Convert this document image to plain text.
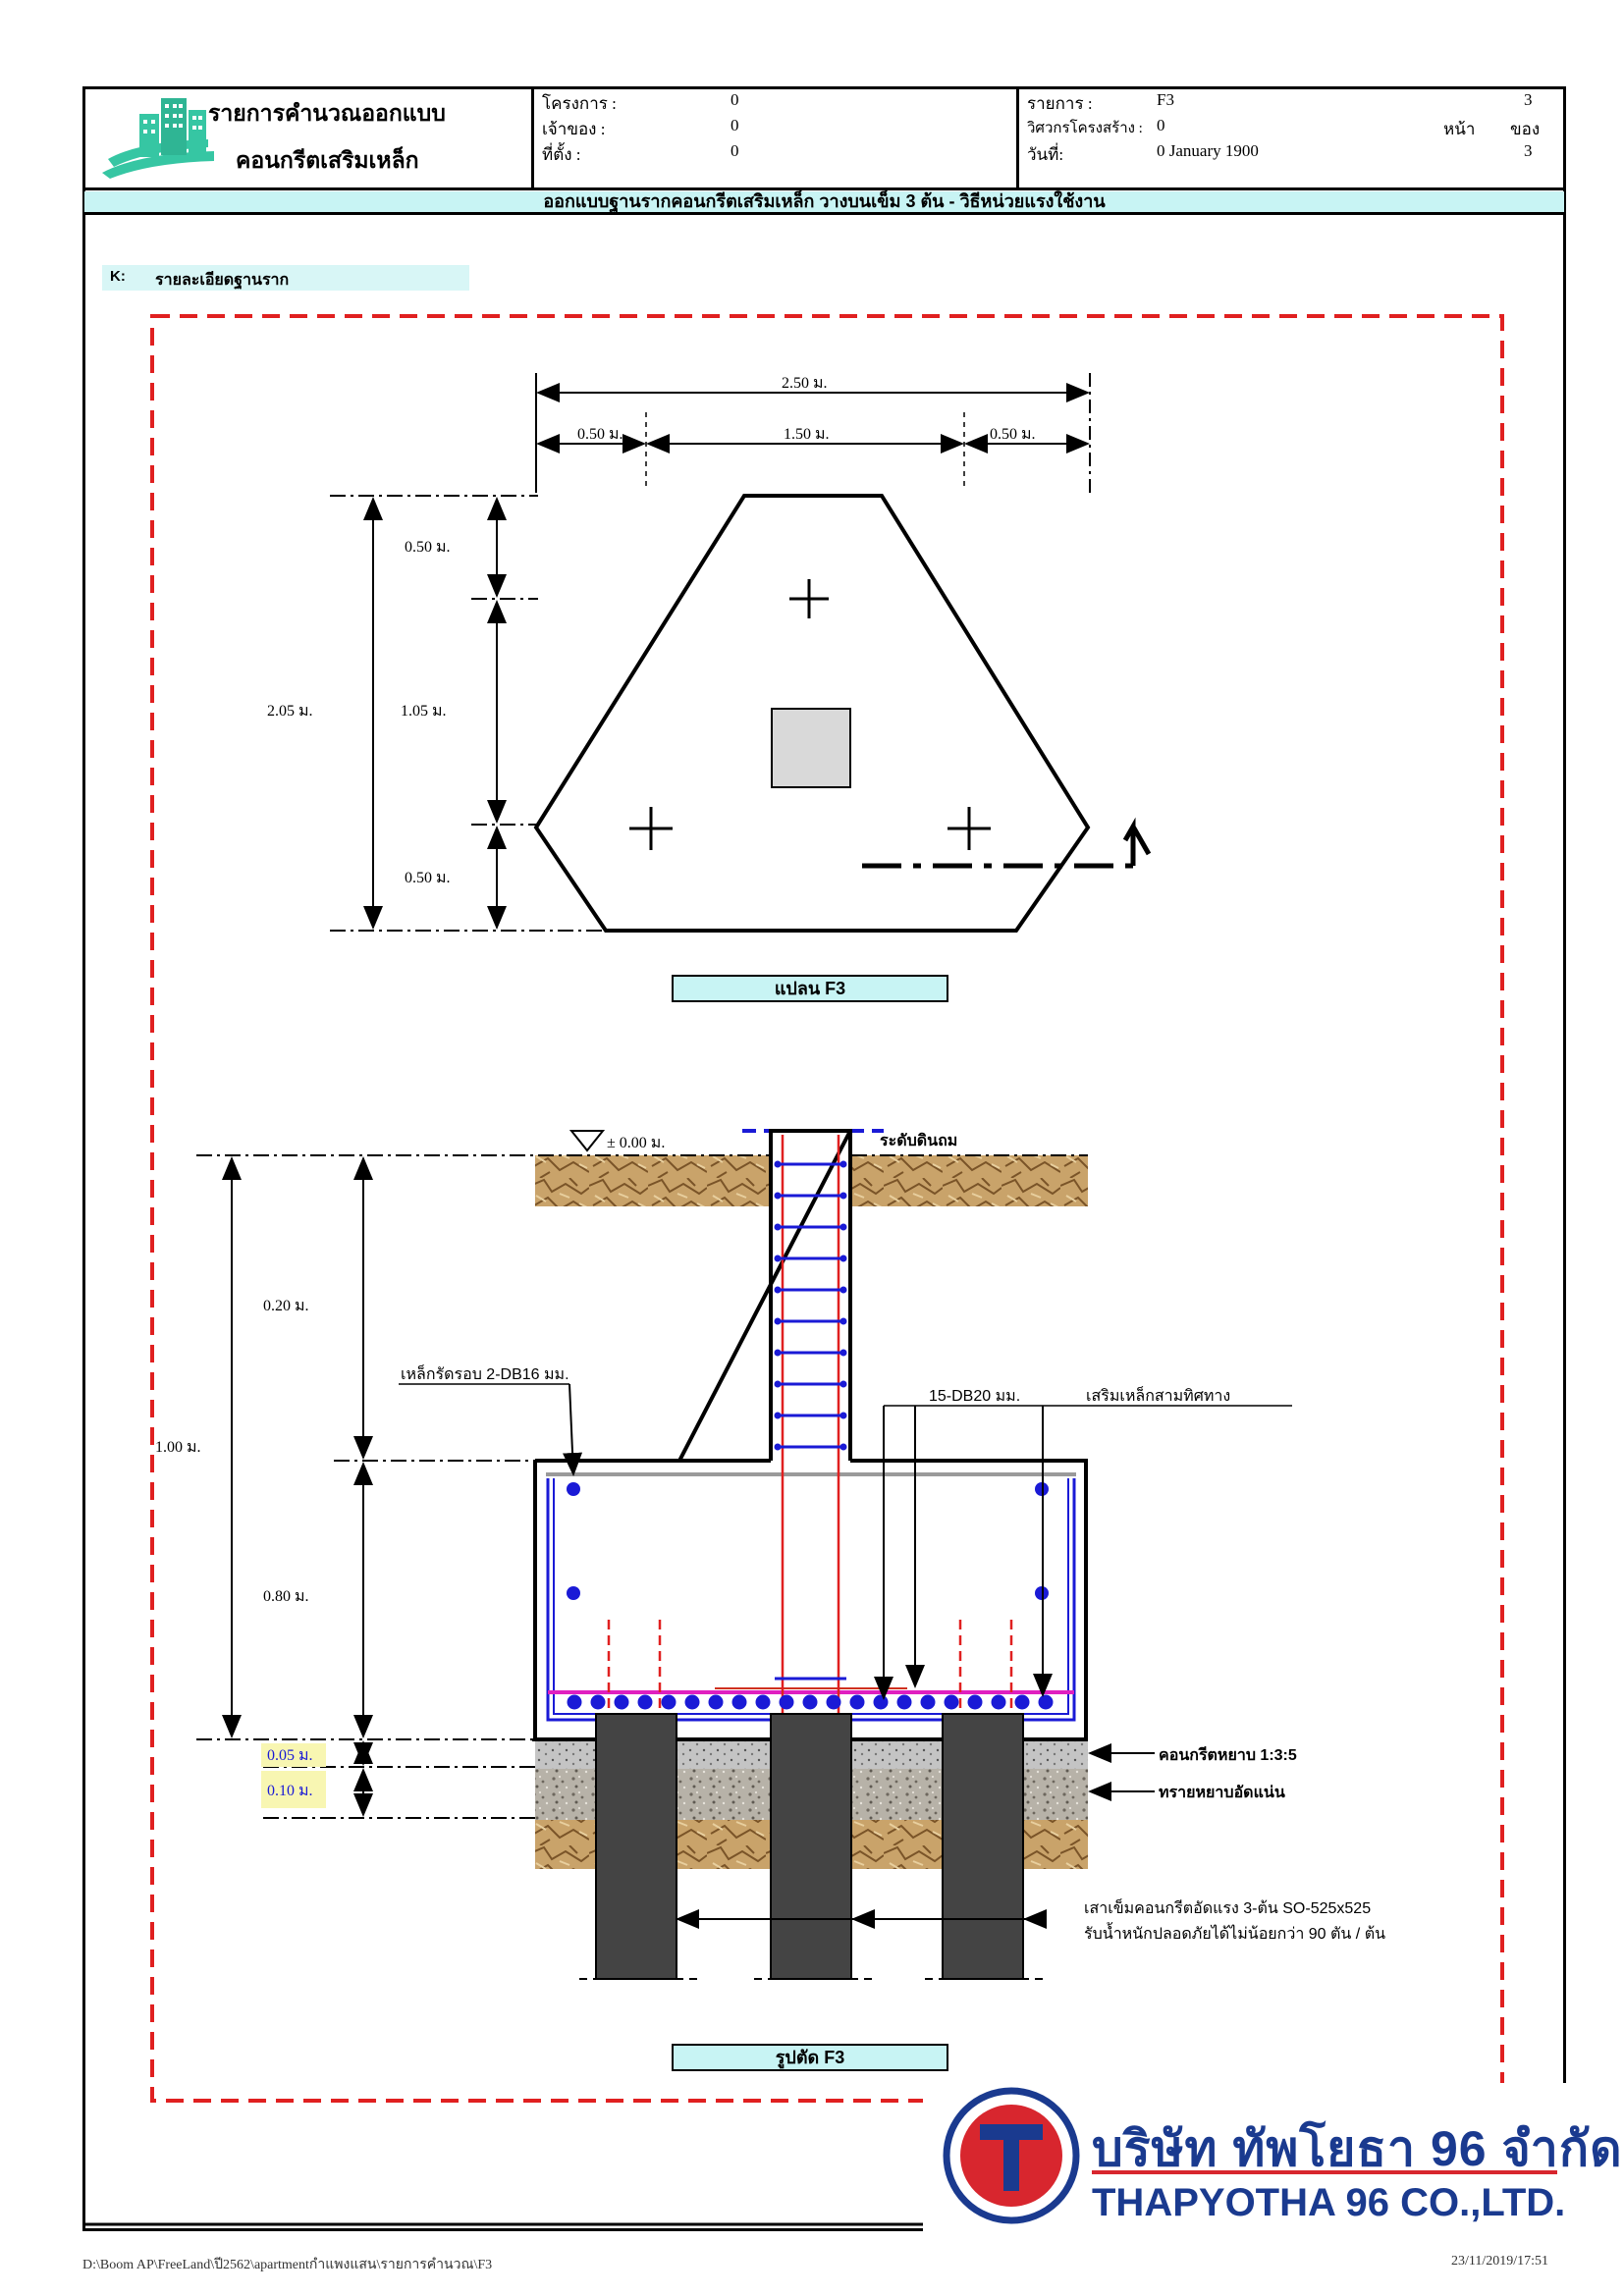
รายการคำนวณออกแบบ
คอนกรีตเสริมเหล็ก
โครงการ :	0
เจ้าของ :	0
ที่ตั้ง :	0
รายการ :	F3
วิศวกรโครงสร้าง : 0
วันที่:	0 January 1900
3
หน้า ของ
3
ออกแบบฐานรากคอนกรีตเสริมเหล็ก วางบนเข็ม 3 ต้น - วิธีหน่วยแรงใช้งาน
K: รายละเอียดฐานราก
2.50 ม.
0.50 ม.	1.50 ม.	0.50 ม.
2.05 ม.
0.50 ม.
1.05 ม.
0.50 ม.
แปลน F3
± 0.00 ม.	ระดับดินถม
1.00 ม.
0.20 ม.
0.80 ม.
0.05 ม.
0.10 ม.
เหล็กรัดรอบ 2-DB16 มม.
15-DB20 มม.	เสริมเหล็กสามทิศทาง
คอนกรีตหยาบ 1:3:5
ทรายหยาบอัดแน่น
เสาเข็มคอนกรีตอัดแรง 3-ต้น SO-525x525
รับน้ำหนักปลอดภัยได้ไม่น้อยกว่า 90 ตัน / ต้น
รูปตัด F3
บริษัท ทัพโยธา 96 จำกัด
THAPYOTHA 96 CO.,LTD.
D:\Boom AP\FreeLand\ปี2562\apartmentกำแพงแสน\รายการคำนวณ\F3	23/11/2019/17:51
